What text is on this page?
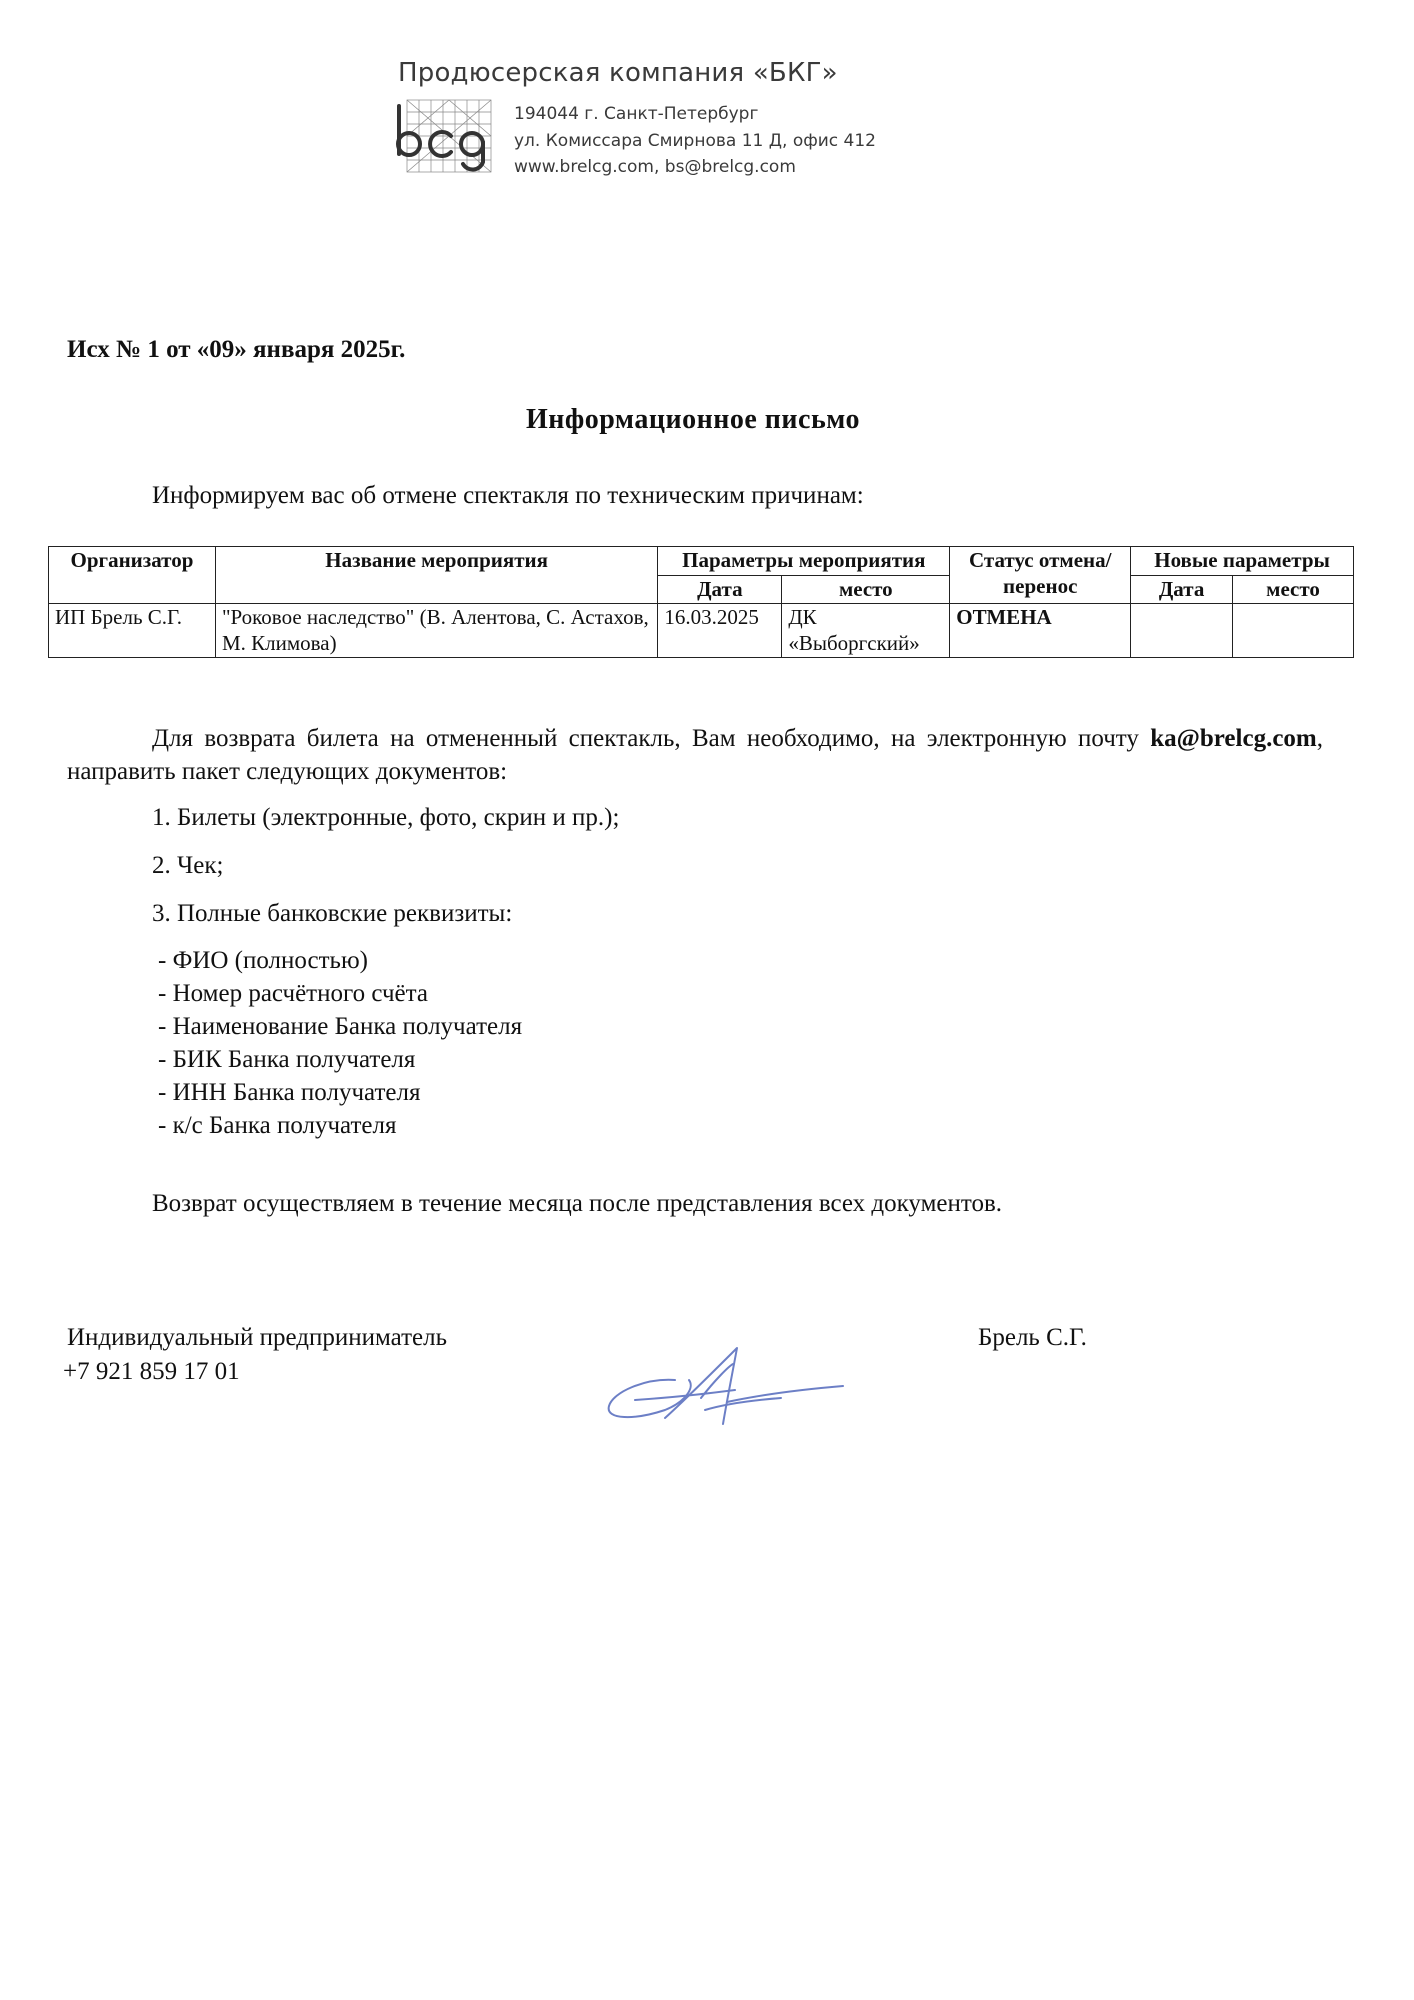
Продюсерская компания «БКГ»
194044 г. Санкт-Петербург
ул. Комиссара Смирнова 11 Д, офис 412
www.brelcg.com, bs@brelcg.com
Исх № 1 от «09» января 2025г.
Информационное письмо
Информируем вас об отмене спектакля по техническим причинам:
Организатор	Название мероприятия	Параметры мероприятия		Статус отмена/перенос	Новые параметры	
		Дата	место		Дата	место
ИП Брель С.Г.	"Роковое наследство" (В. Алентова, С. Астахов, М. Климова)	16.03.2025	ДК «Выборгский»	ОТМЕНА		
Для возврата билета на отмененный спектакль, Вам необходимо, на электронную почту ka@brelcg.com, направить пакет следующих документов:
1. Билеты (электронные, фото, скрин и пр.);
2. Чек;
3. Полные банковские реквизиты:
- ФИО (полностью)
- Номер расчётного счёта
- Наименование Банка получателя
- БИК Банка получателя
- ИНН Банка получателя
- к/с Банка получателя
Возврат осуществляем в течение месяца после представления всех документов.
Индивидуальный предприниматель
+7 921 859 17 01
Брель С.Г.
